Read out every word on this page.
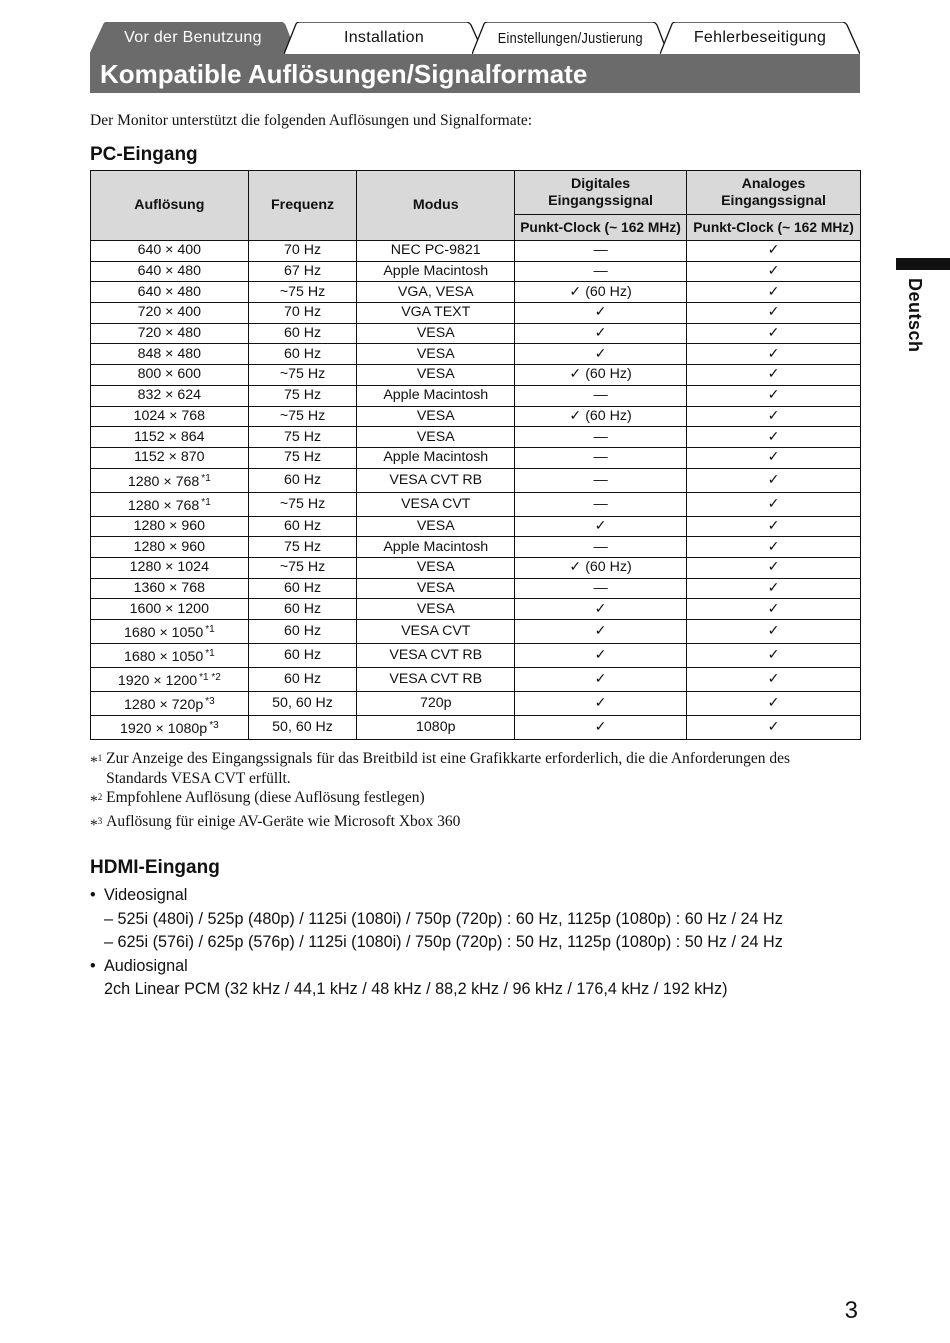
Vor der Benutzung	Installation	Einstellungen/Justierung	Fehlerbeseitigung
Kompatible Auflösungen/Signalformate
Der Monitor unterstützt die folgenden Auflösungen und Signalformate:
PC-Eingang
Auflösung	Frequenz	Modus	Digitales Eingangssignal	Analoges Eingangssignal

			Punkt-Clock (~ 162 MHz)	Punkt-Clock (~ 162 MHz)
640 × 400	70 Hz	NEC PC-9821	—	✓
640 × 480	67 Hz	Apple Macintosh	—	✓
640 × 480	~75 Hz	VGA, VESA	✓ (60 Hz)	✓
720 × 400	70 Hz	VGA TEXT	✓	✓
720 × 480	60 Hz	VESA	✓	✓
848 × 480	60 Hz	VESA	✓	✓
800 × 600	~75 Hz	VESA	✓ (60 Hz)	✓
832 × 624	75 Hz	Apple Macintosh	—	✓
1024 × 768	~75 Hz	VESA	✓ (60 Hz)	✓
1152 × 864	75 Hz	VESA	—	✓
1152 × 870	75 Hz	Apple Macintosh	—	✓
1280 × 768 $^{*1}$	60 Hz	VESA CVT RB	—	✓
1280 × 768 $^{*1}$	~75 Hz	VESA CVT	—	✓
1280 × 960	60 Hz	VESA	✓	✓
1280 × 960	75 Hz	Apple Macintosh	—	✓
1280 × 1024	~75 Hz	VESA	✓ (60 Hz)	✓
1360 × 768	60 Hz	VESA	—	✓
1600 × 1200	60 Hz	VESA	✓	✓
1680 × 1050 $^{*1}$	60 Hz	VESA CVT	✓	✓
1680 × 1050 $^{*1}$	60 Hz	VESA CVT RB	✓	✓
1920 × 1200 $^{*1 *2}$	60 Hz	VESA CVT RB	✓	✓
1280 × 720p $^{*3}$	50, 60 Hz	720p	✓	✓
1920 × 1080p $^{*3}$	50, 60 Hz	1080p	✓	✓
*$^1$ Zur Anzeige des Eingangssignals für das Breitbild ist eine Grafikkarte erforderlich, die die Anforderungen des Standards VESA CVT erfüllt.
*$^2$ Empfohlene Auflösung (diese Auflösung festlegen)
*$^3$ Auflösung für einige AV-Geräte wie Microsoft Xbox 360
HDMI-Eingang
• Videosignal
– 525i (480i) / 525p (480p) / 1125i (1080i) / 750p (720p) : 60 Hz, 1125p (1080p) : 60 Hz / 24 Hz
– 625i (576i) / 625p (576p) / 1125i (1080i) / 750p (720p) : 50 Hz, 1125p (1080p) : 50 Hz / 24 Hz
• Audiosignal
2ch Linear PCM (32 kHz / 44,1 kHz / 48 kHz / 88,2 kHz / 96 kHz / 176,4 kHz / 192 kHz)
Deutsch
3
